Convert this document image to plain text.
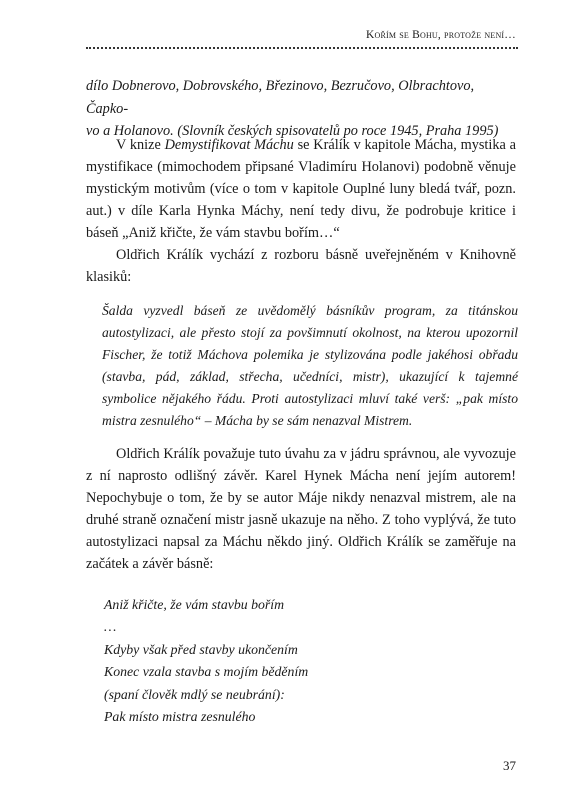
Kořím se Bohu, protože není…
dílo Dobnerovo, Dobrovského, Březinovo, Bezručovo, Olbrachtovo, Čapko-
vo a Holanovo. (Slovník českých spisovatelů po roce 1945, Praha 1995)

V knize Demystifikovat Máchu se Králík v kapitole Mácha, mystika a mystifikace (mimochodem připsané Vladimíru Holanovi) podobně věnuje mystickým motivům (více o tom v kapitole Ouplné luny bledá tvář, pozn. aut.) v díle Karla Hynka Máchy, není tedy divu, že podrobuje kritice i báseň „Aniž křičte, že vám stavbu bořím…“

Oldřich Králík vychází z rozboru básně uveřejněném v Knihovně klasiků:

Šalda vyzvedl báseň ze uvědomělý básníkův program, za titánskou autostylizaci, ale přesto stojí za povšimnutí okolnost, na kterou upozornil Fischer, že totiž Máchova polemika je stylizována podle jakéhosi obřadu (stavba, pád, základ, střecha, učedníci, mistr), ukazující k tajemné symbolice nějakého řádu. Proti autostylizaci mluví také verš: „pak místo mistra zesnulého“ – Mácha by se sám nenazval Mistrem.

Oldřich Králík považuje tuto úvahu za v jádru správnou, ale vyvozuje z ní naprosto odlišný závěr. Karel Hynek Mácha není jejím autorem! Nepochybuje o tom, že by se autor Máje nikdy nenazval mistrem, ale na druhé straně označení mistr jasně ukazuje na něho. Z toho vyplývá, že tuto autostylizaci napsal za Máchu někdo jiný. Oldřich Králík se zaměřuje na začátek a závěr básně:

Aniž křičte, že vám stavbu bořím
…
Kdyby však před stavby ukončením
Konec vzala stavba s mojím běděním
(spaní člověk mdlý se neubrání):
Pak místo mistra zesnulého
37
